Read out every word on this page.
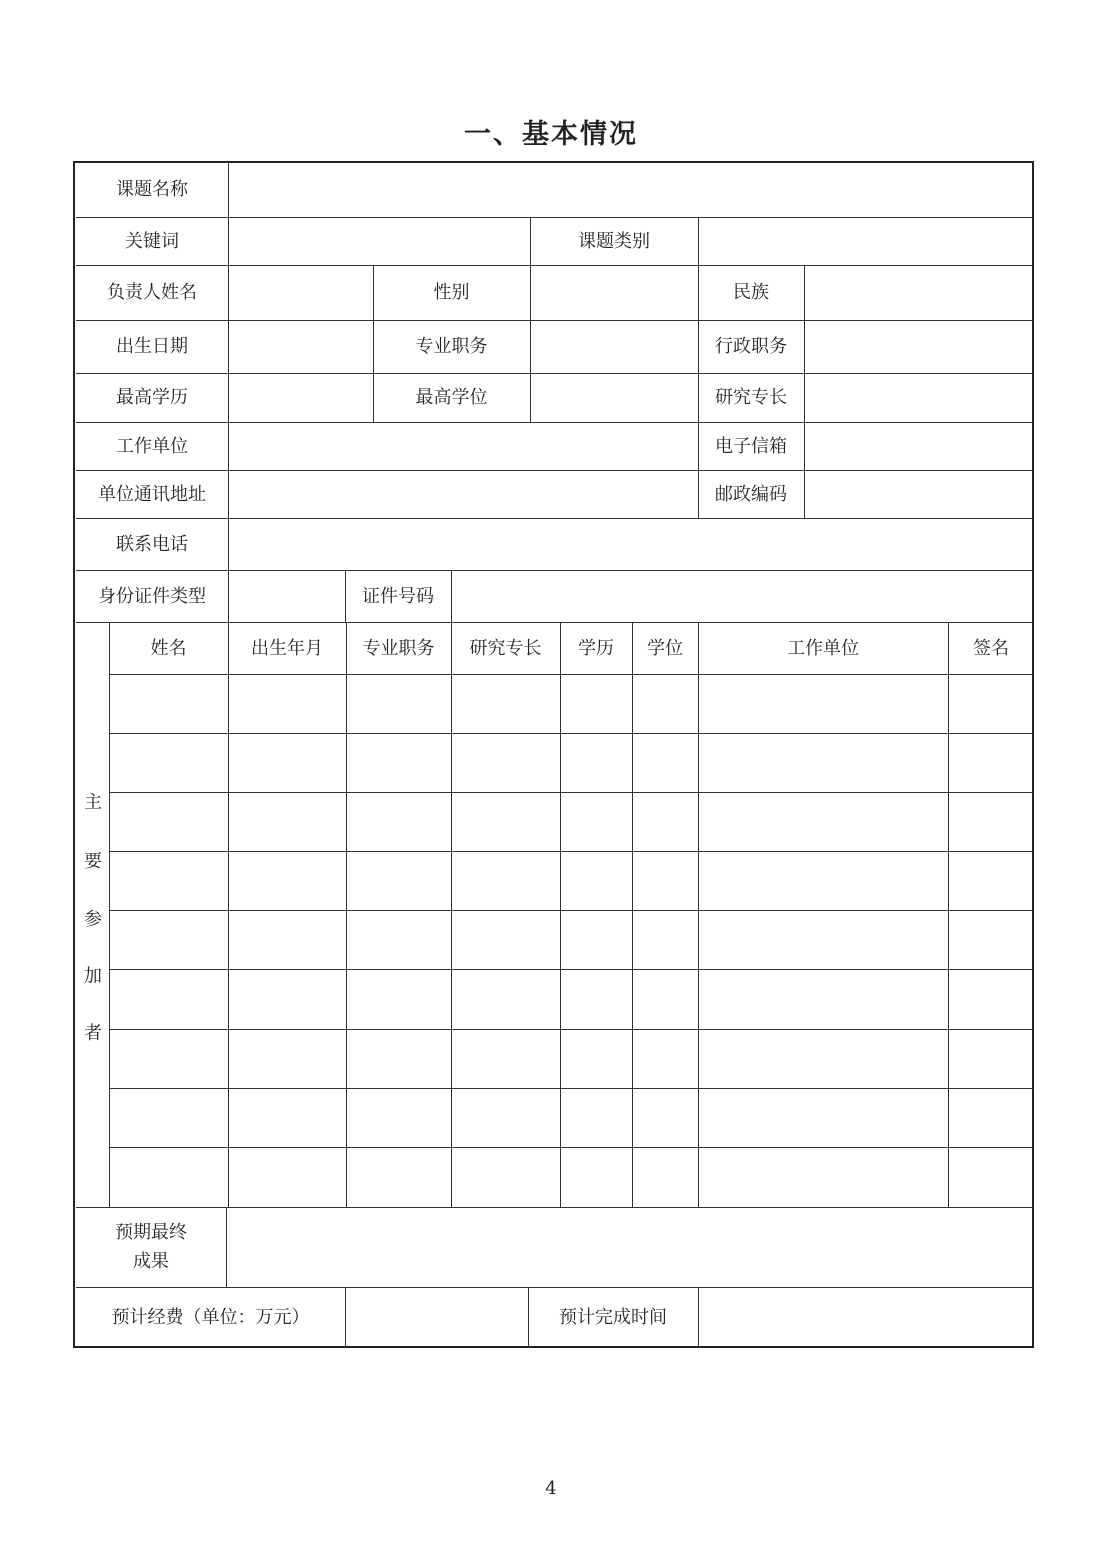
一、基本情况
课题名称
关键词	课题类别
负责人姓名	性别	民族
出生日期	专业职务	行政职务
最高学历	最高学位	研究专长
工作单位	电子信箱
单位通讯地址	邮政编码
联系电话
身份证件类型	证件号码
主
要
参
加
者
姓名	出生年月	专业职务	研究专长	学历	学位	工作单位	签名
预期最终
成果
预计经费（单位：万元）	预计完成时间
4
